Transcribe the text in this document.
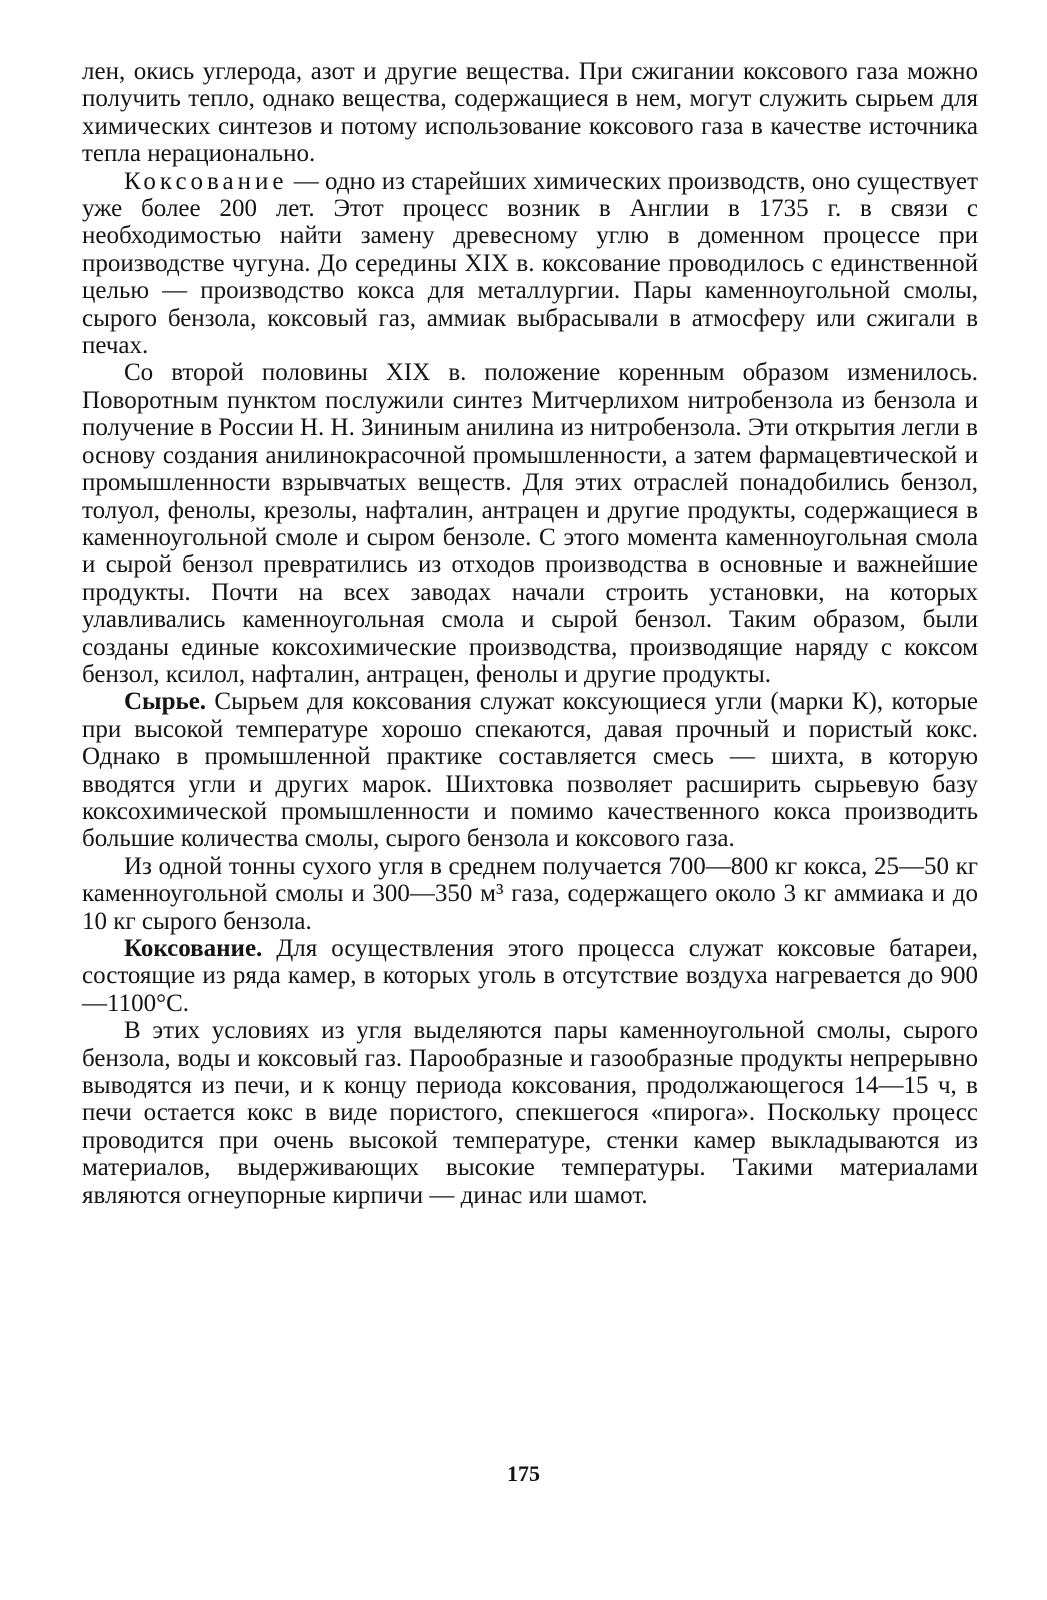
лен, окись углерода, азот и другие вещества. При сжигании коксового газа можно получить тепло, однако вещества, содержащиеся в нем, могут служить сырьем для химических синтезов и потому использование коксового газа в качестве источника тепла нерационально.

Коксование — одно из старейших химических производств, оно существует уже более 200 лет. Этот процесс возник в Англии в 1735 г. в связи с необходимостью найти замену древесному углю в доменном процессе при производстве чугуна. До середины XIX в. коксование проводилось с единственной целью — производство кокса для металлургии. Пары каменноугольной смолы, сырого бензола, коксовый газ, аммиак выбрасывали в атмосферу или сжигали в печах.

Со второй половины XIX в. положение коренным образом изменилось. Поворотным пунктом послужили синтез Митчерлихом нитробензола из бензола и получение в России Н. Н. Зининым анилина из нитробензола. Эти открытия легли в основу создания анилинокрасочной промышленности, а затем фармацевтической и промышленности взрывчатых веществ. Для этих отраслей понадобились бензол, толуол, фенолы, крезолы, нафталин, антрацен и другие продукты, содержащиеся в каменноугольной смоле и сыром бензоле. С этого момента каменноугольная смола и сырой бензол превратились из отходов производства в основные и важнейшие продукты. Почти на всех заводах начали строить установки, на которых улавливались каменноугольная смола и сырой бензол. Таким образом, были созданы единые коксохимические производства, производящие наряду с коксом бензол, ксилол, нафталин, антрацен, фенолы и другие продукты.

Сырье. Сырьем для коксования служат коксующиеся угли (марки К), которые при высокой температуре хорошо спекаются, давая прочный и пористый кокс. Однако в промышленной практике составляется смесь — шихта, в которую вводятся угли и других марок. Шихтовка позволяет расширить сырьевую базу коксохимической промышленности и помимо качественного кокса производить большие количества смолы, сырого бензола и коксового газа.

Из одной тонны сухого угля в среднем получается 700—800 кг кокса, 25—50 кг каменноугольной смолы и 300—350 м³ газа, содержащего около 3 кг аммиака и до 10 кг сырого бензола.

Коксование. Для осуществления этого процесса служат коксовые батареи, состоящие из ряда камер, в которых уголь в отсутствие воздуха нагревается до 900—1100°С.

В этих условиях из угля выделяются пары каменноугольной смолы, сырого бензола, воды и коксовый газ. Парообразные и газообразные продукты непрерывно выводятся из печи, и к концу периода коксования, продолжающегося 14—15 ч, в печи остается кокс в виде пористого, спекшегося «пирога». Поскольку процесс проводится при очень высокой температуре, стенки камер выкладываются из материалов, выдерживающих высокие температуры. Такими материалами являются огнеупорные кирпичи — динас или шамот.

175
